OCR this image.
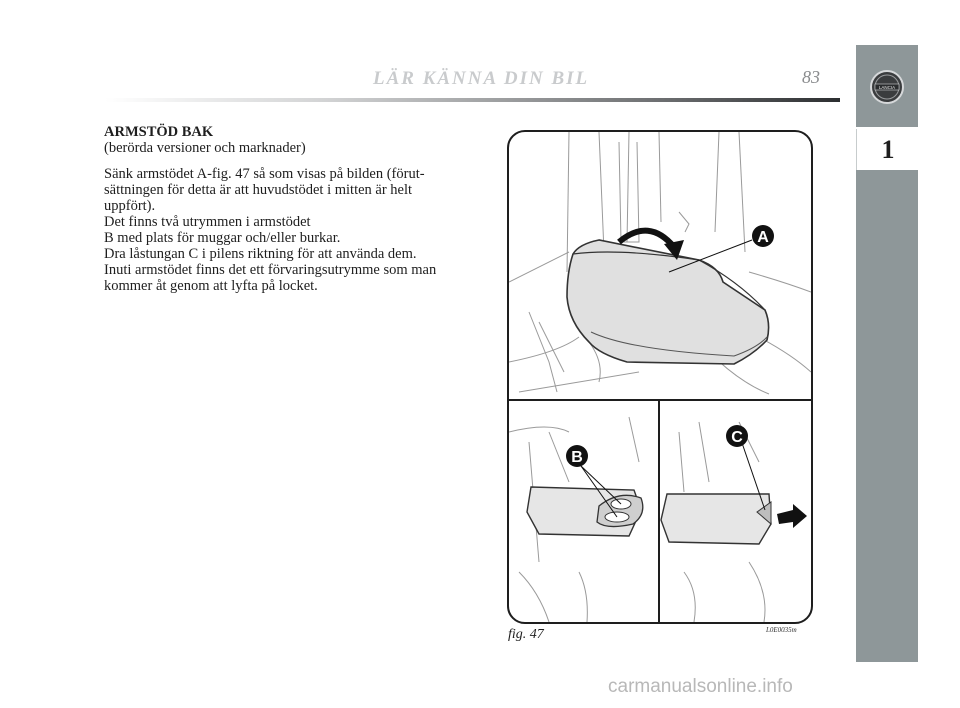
LANCIA
1
LÄR KÄNNA DIN BIL	83

ARMSTÖD BAK

(berörda versioner och marknader)

Sänk armstödet A-fig. 47 så som visas på bilden (förut-

sättningen för detta är att huvudstödet i mitten är helt

uppfört).

Det finns två utrymmen i armstödet

B med plats för muggar och/eller burkar.

Dra låstungan C i pilens riktning för att använda dem.

Inuti armstödet finns det ett förvaringsutrymme som man

kommer åt genom att lyfta på locket.

A
B
C
fig. 47	L0E0035m
carmanualsonline.info
